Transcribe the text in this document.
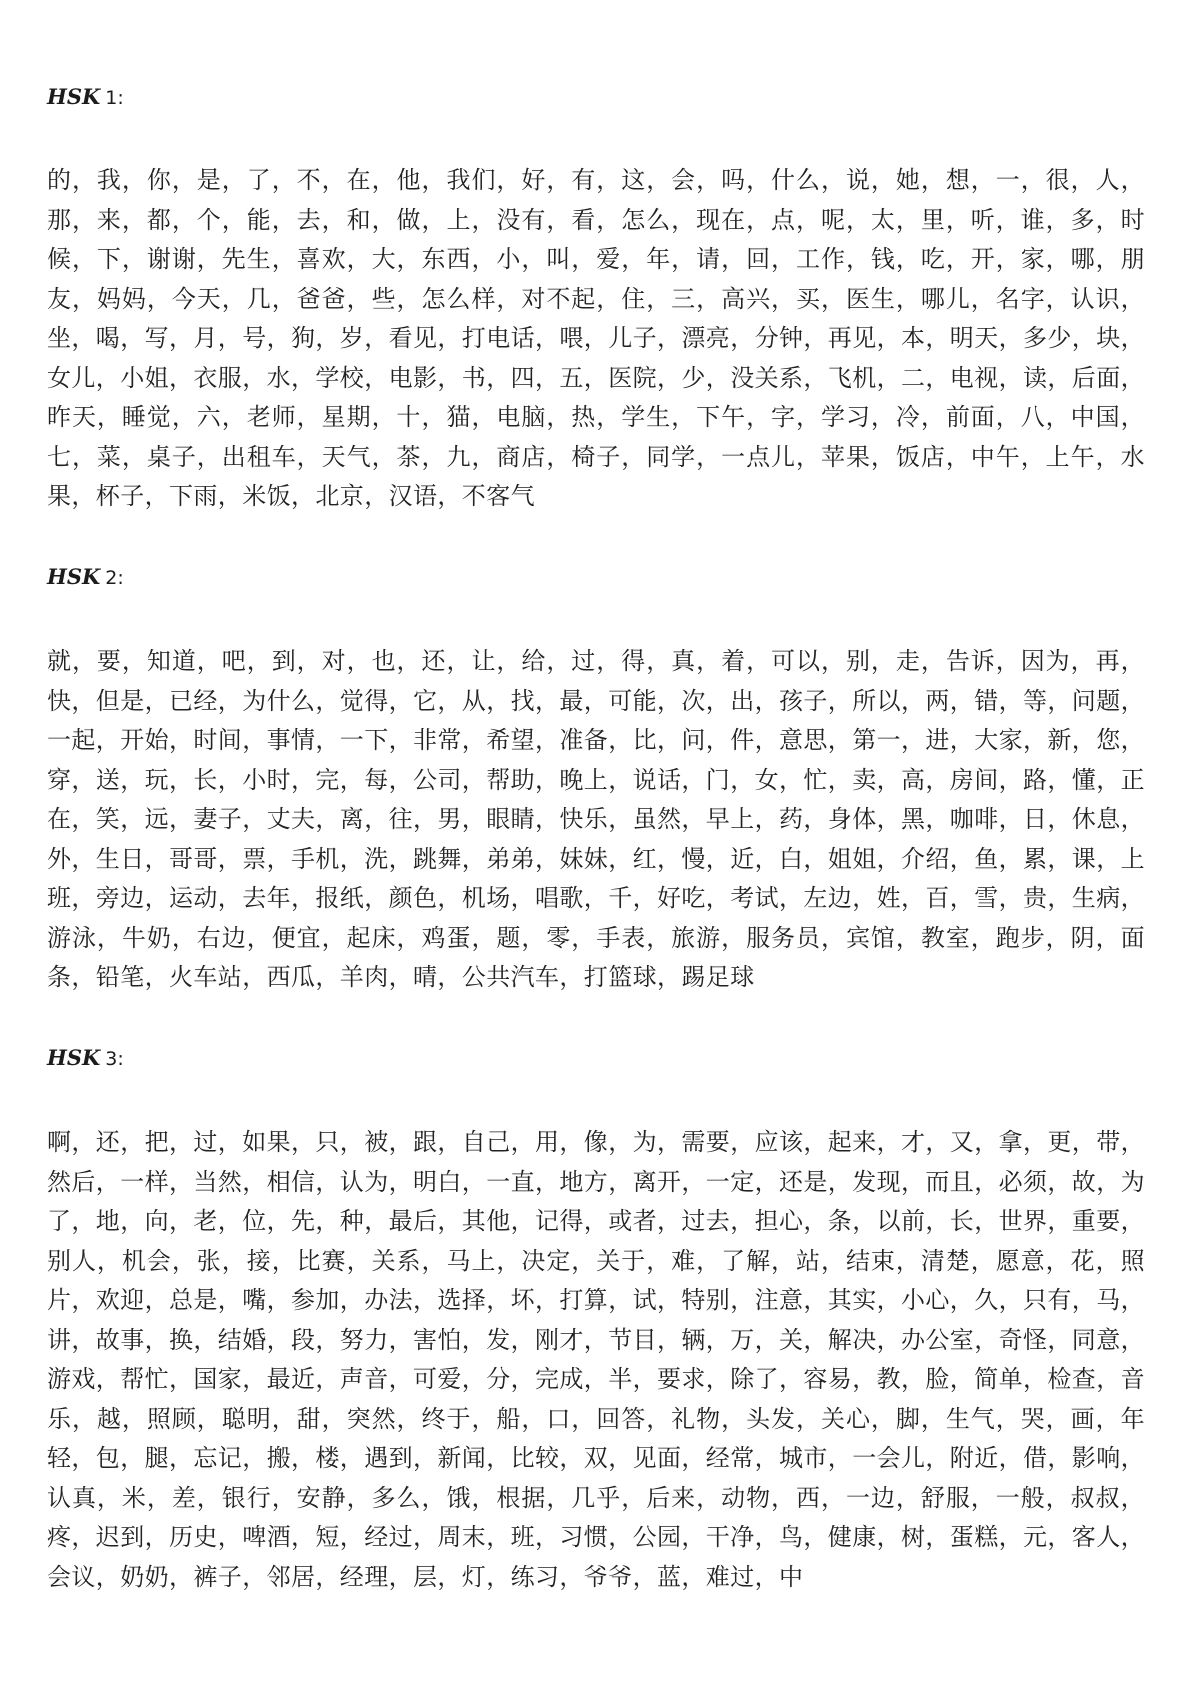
HSK 1:

的，我，你，是，了，不，在，他，我们，好，有，这，会，吗，什么，说，她，想，一，很，人，那，来，都，个，能，去，和，做，上，没有，看，怎么，现在，点，呢，太，里，听，谁，多，时候，下，谢谢，先生，喜欢，大，东西，小，叫，爱，年，请，回，工作，钱，吃，开，家，哪，朋友，妈妈，今天，几，爸爸，些，怎么样，对不起，住，三，高兴，买，医生，哪儿，名字，认识，坐，喝，写，月，号，狗，岁，看见，打电话，喂，儿子，漂亮，分钟，再见，本，明天，多少，块，女儿，小姐，衣服，水，学校，电影，书，四，五，医院，少，没关系，飞机，二，电视，读，后面，昨天，睡觉，六，老师，星期，十，猫，电脑，热，学生，下午，字，学习，冷，前面，八，中国，七，菜，桌子，出租车，天气，茶，九，商店，椅子，同学，一点儿，苹果，饭店，中午，上午，水果，杯子，下雨，米饭，北京，汉语，不客气

HSK 2:

就，要，知道，吧，到，对，也，还，让，给，过，得，真，着，可以，别，走，告诉，因为，再，快，但是，已经，为什么，觉得，它，从，找，最，可能，次，出，孩子，所以，两，错，等，问题，一起，开始，时间，事情，一下，非常，希望，准备，比，问，件，意思，第一，进，大家，新，您，穿，送，玩，长，小时，完，每，公司，帮助，晚上，说话，门，女，忙，卖，高，房间，路，懂，正在，笑，远，妻子，丈夫，离，往，男，眼睛，快乐，虽然，早上，药，身体，黑，咖啡，日，休息，外，生日，哥哥，票，手机，洗，跳舞，弟弟，妹妹，红，慢，近，白，姐姐，介绍，鱼，累，课，上班，旁边，运动，去年，报纸，颜色，机场，唱歌，千，好吃，考试，左边，姓，百，雪，贵，生病，游泳，牛奶，右边，便宜，起床，鸡蛋，题，零，手表，旅游，服务员，宾馆，教室，跑步，阴，面条，铅笔，火车站，西瓜，羊肉，晴，公共汽车，打篮球，踢足球

HSK 3:

啊，还，把，过，如果，只，被，跟，自己，用，像，为，需要，应该，起来，才，又，拿，更，带，然后，一样，当然，相信，认为，明白，一直，地方，离开，一定，还是，发现，而且，必须，故，为了，地，向，老，位，先，种，最后，其他，记得，或者，过去，担心，条，以前，长，世界，重要，别人，机会，张，接，比赛，关系，马上，决定，关于，难，了解，站，结束，清楚，愿意，花，照片，欢迎，总是，嘴，参加，办法，选择，坏，打算，试，特别，注意，其实，小心，久，只有，马，讲，故事，换，结婚，段，努力，害怕，发，刚才，节目，辆，万，关，解决，办公室，奇怪，同意，游戏，帮忙，国家，最近，声音，可爱，分，完成，半，要求，除了，容易，教，脸，简单，检查，音乐，越，照顾，聪明，甜，突然，终于，船，口，回答，礼物，头发，关心，脚，生气，哭，画，年轻，包，腿，忘记，搬，楼，遇到，新闻，比较，双，见面，经常，城市，一会儿，附近，借，影响，认真，米，差，银行，安静，多么，饿，根据，几乎，后来，动物，西，一边，舒服，一般，叔叔，疼，迟到，历史，啤酒，短，经过，周末，班，习惯，公园，干净，鸟，健康，树，蛋糕，元，客人，会议，奶奶，裤子，邻居，经理，层，灯，练习，爷爷，蓝，难过，中
